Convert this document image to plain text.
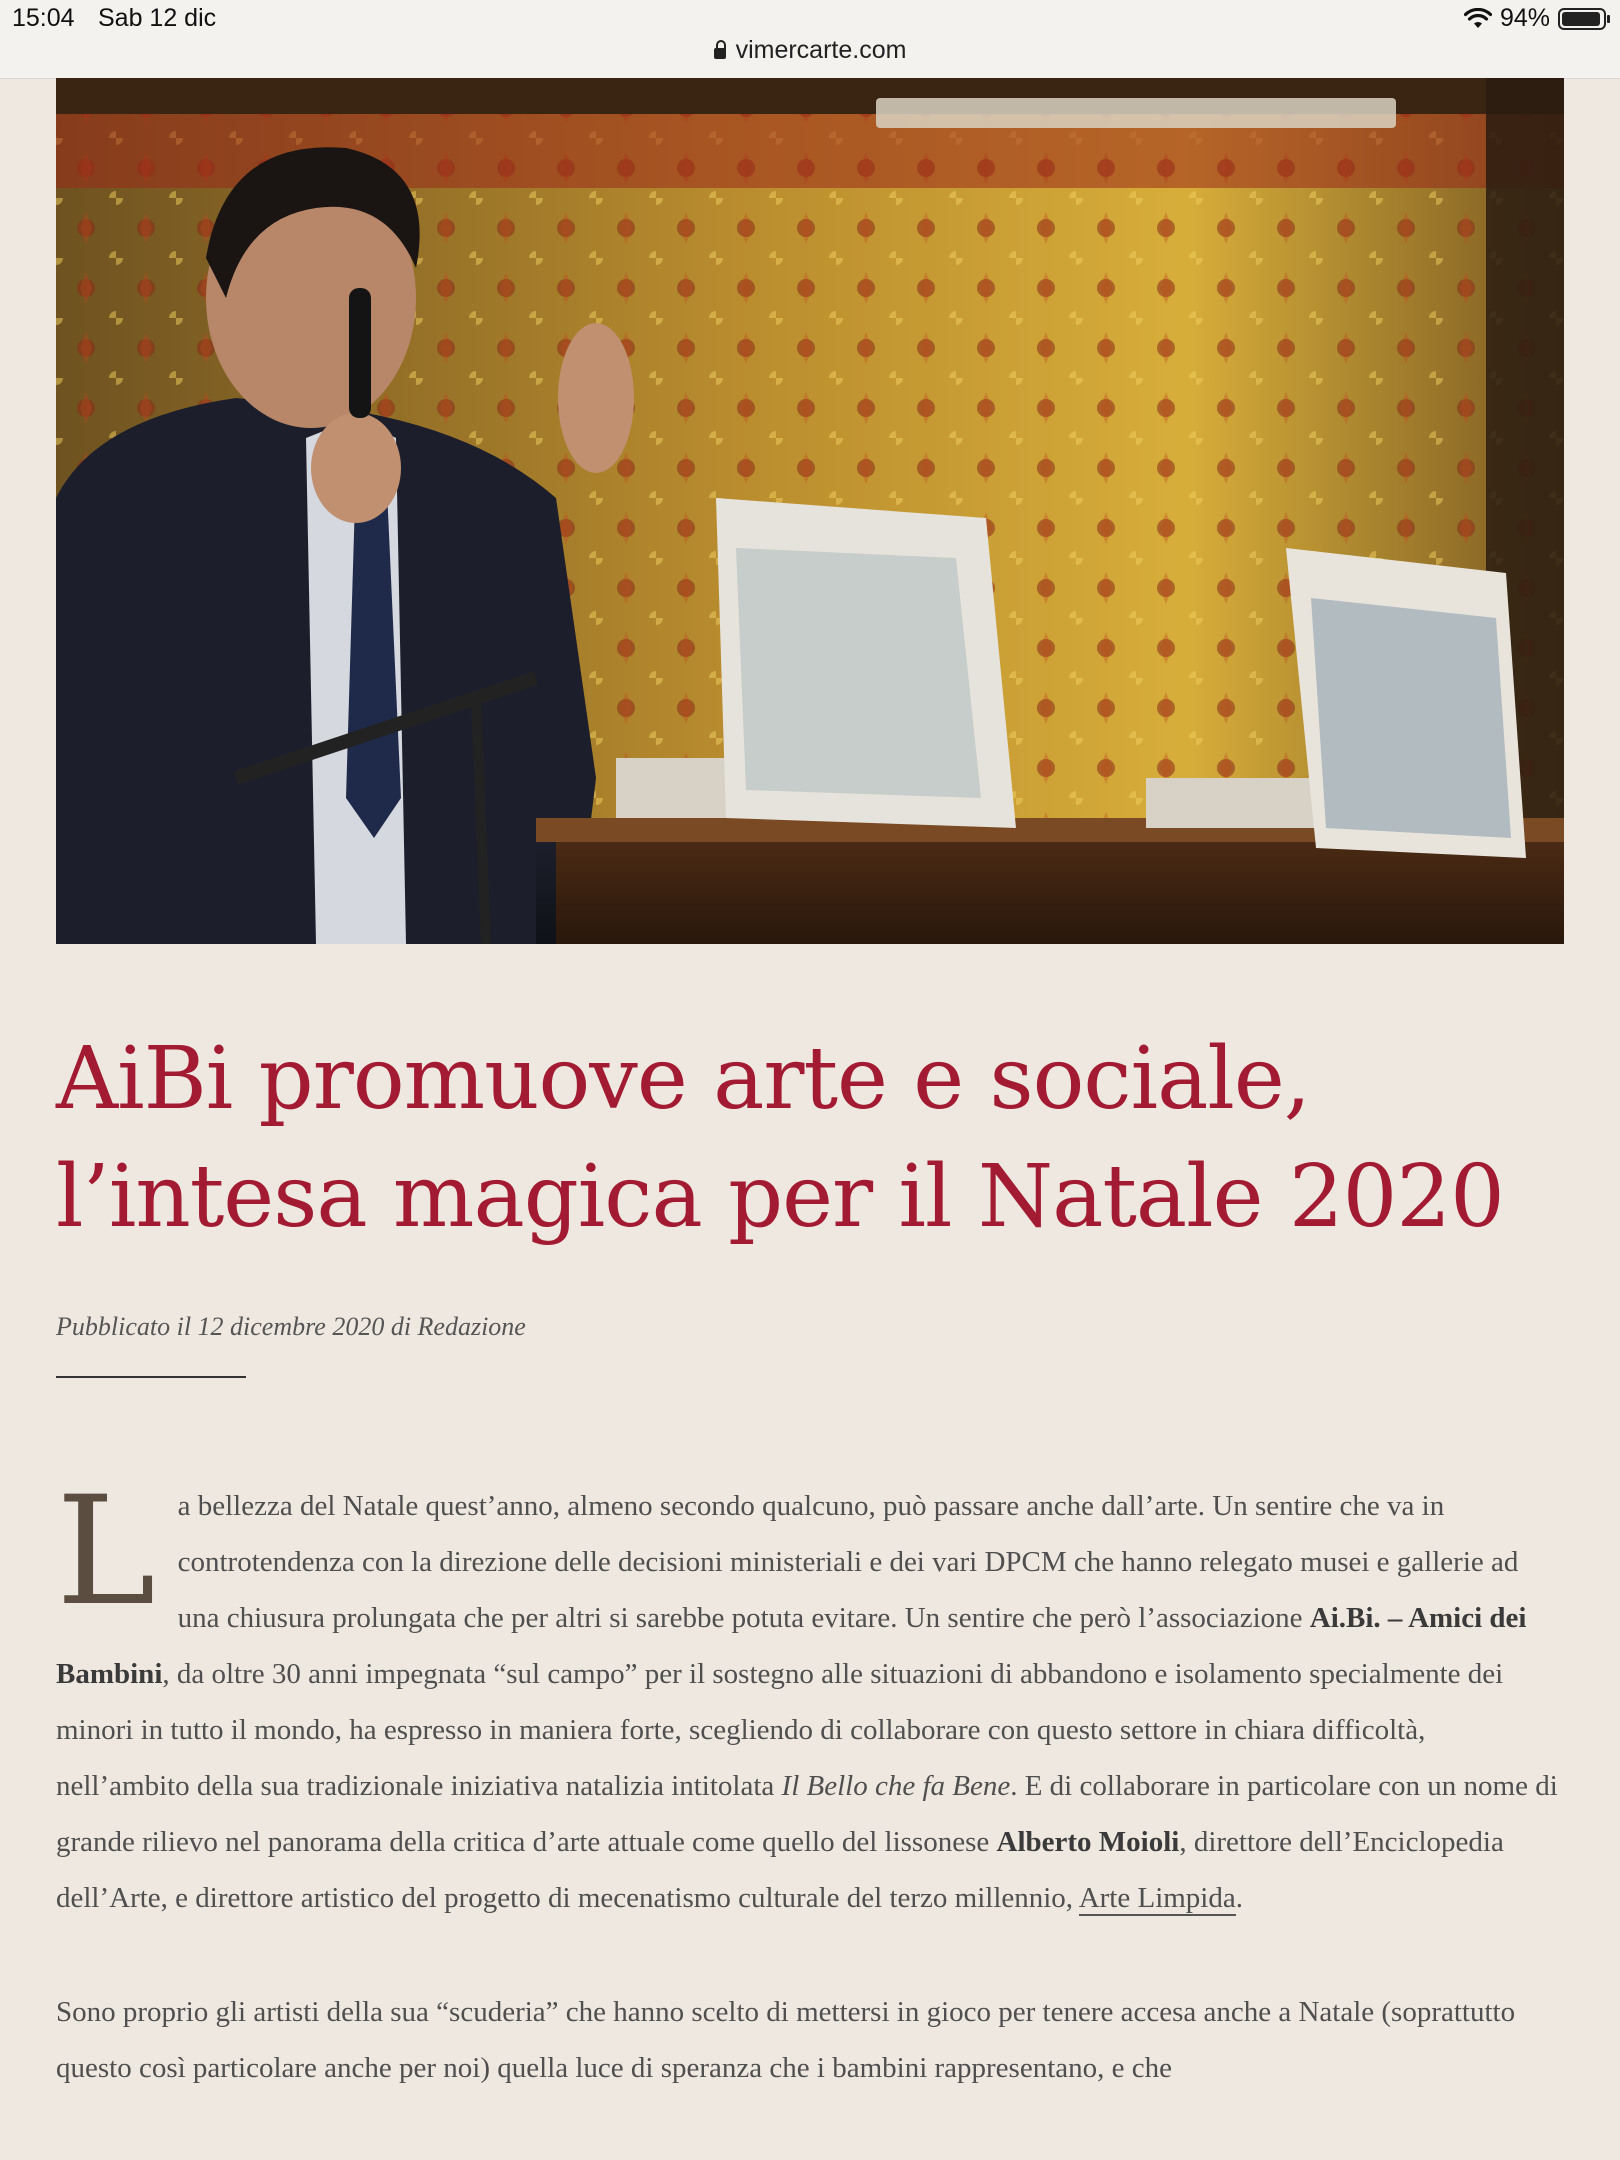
15:04 Sab 12 dic	94%
vimercarte.com
AiBi promuove arte e sociale, l’intesa magica per il Natale 2020
Pubblicato il 12 dicembre 2020 di Redazione

La bellezza del Natale quest’anno, almeno secondo qualcuno, può passare anche dall’arte. Un sentire che va in controtendenza con la direzione delle decisioni ministeriali e dei vari DPCM che hanno relegato musei e gallerie ad una chiusura prolungata che per altri si sarebbe potuta evitare. Un sentire che però l’associazione Ai.Bi. – Amici dei Bambini, da oltre 30 anni impegnata “sul campo” per il sostegno alle situazioni di abbandono e isolamento specialmente dei minori in tutto il mondo, ha espresso in maniera forte, scegliendo di collaborare con questo settore in chiara difficoltà, nell’ambito della sua tradizionale iniziativa natalizia intitolata Il Bello che fa Bene. E di collaborare in particolare con un nome di grande rilievo nel panorama della critica d’arte attuale come quello del lissonese Alberto Moioli, direttore dell’Enciclopedia dell’Arte, e direttore artistico del progetto di mecenatismo culturale del terzo millennio, Arte Limpida.

Sono proprio gli artisti della sua “scuderia” che hanno scelto di mettersi in gioco per tenere accesa anche a Natale (soprattutto questo così particolare anche per noi) quella luce di speranza che i bambini rappresentano, e che
